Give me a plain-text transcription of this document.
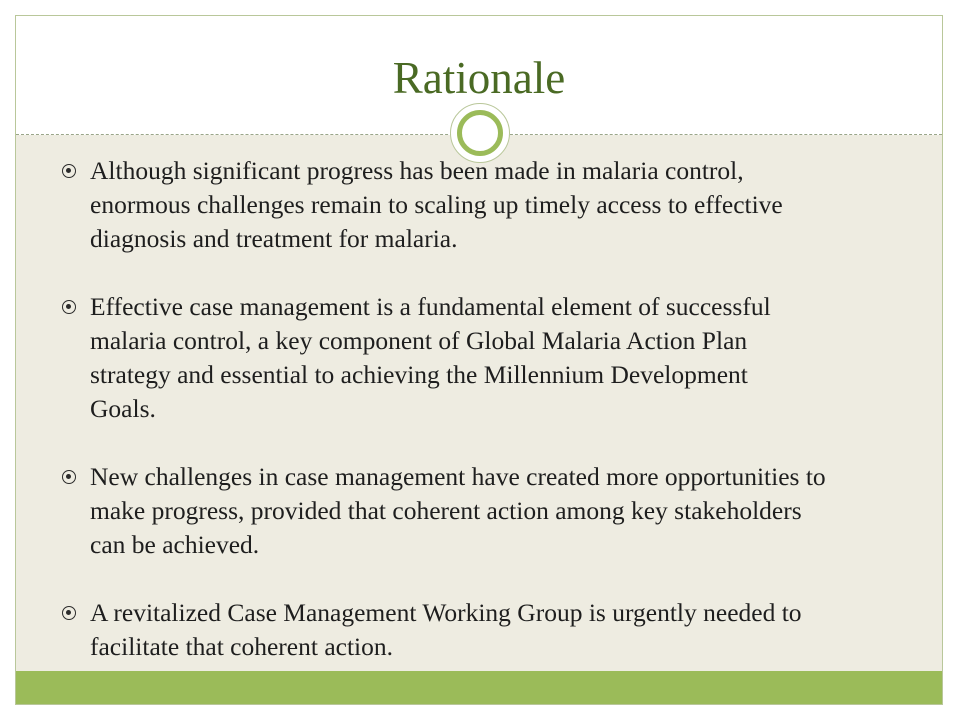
Rationale
Although significant progress has been made in malaria control, enormous challenges remain to scaling up timely access to effective diagnosis and treatment for malaria.
Effective case management is a fundamental element of successful malaria control, a key component of Global Malaria Action Plan strategy and essential to achieving the Millennium Development Goals.
New challenges in case management have created more opportunities to make progress, provided that coherent action among key stakeholders can be achieved.
A revitalized Case Management Working Group is urgently needed to facilitate that coherent action.
